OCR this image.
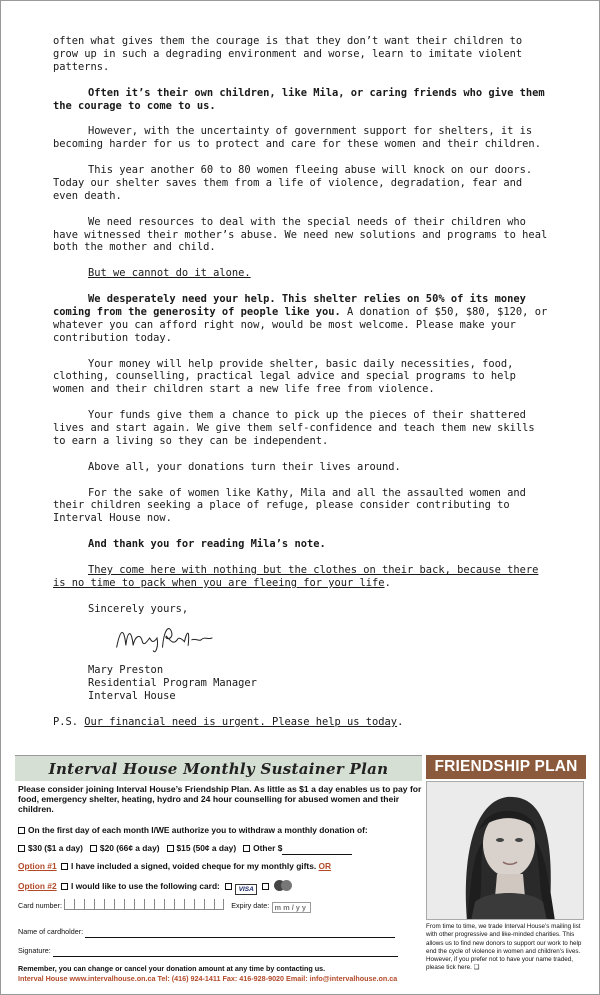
often what gives them the courage is that they don’t want their children to grow up in such a degrading environment and worse, learn to imitate violent patterns.

Often it’s their own children, like Mila, or caring friends who give them the courage to come to us.

However, with the uncertainty of government support for shelters, it is becoming harder for us to protect and care for these women and their children.

This year another 60 to 80 women fleeing abuse will knock on our doors. Today our shelter saves them from a life of violence, degradation, fear and even death.

We need resources to deal with the special needs of their children who have witnessed their mother’s abuse. We need new solutions and programs to heal both the mother and child.

But we cannot do it alone.

We desperately need your help. This shelter relies on 50% of its money coming from the generosity of people like you. A donation of $50, $80, $120, or whatever you can afford right now, would be most welcome. Please make your contribution today.

Your money will help provide shelter, basic daily necessities, food, clothing, counselling, practical legal advice and special programs to help women and their children start a new life free from violence.

Your funds give them a chance to pick up the pieces of their shattered lives and start again. We give them self-confidence and teach them new skills to earn a living so they can be independent.

Above all, your donations turn their lives around.

For the sake of women like Kathy, Mila and all the assaulted women and their children seeking a place of refuge, please consider contributing to Interval House now.

And thank you for reading Mila’s note.

They come here with nothing but the clothes on their back, because there is no time to pack when you are fleeing for your life.

Sincerely yours,
Mary Preston
Residential Program Manager
Interval House

P.S. Our financial need is urgent. Please help us today.

Interval House Monthly Sustainer Plan
Please consider joining Interval House’s Friendship Plan. As little as $1 a day enables us to pay for food, emergency shelter, heating, hydro and 24 hour counselling for abused women and their children.
On the first day of each month I/WE authorize you to withdraw a monthly donation of:
$30 ($1 a day) $20 (66¢ a day) $15 (50¢ a day) Other $
Option #1 I have included a signed, voided cheque for my monthly gifts. OR
Option #2 I would like to use the following card:	VISA
Card number:	Expiry date: mm/yy
Name of cardholder:
Signature:
Remember, you can change or cancel your donation amount at any time by contacting us.
Interval House www.intervalhouse.on.ca Tel: (416) 924-1411 Fax: 416-928-9020 Email: info@intervalhouse.on.ca
FRIENDSHIP PLAN
From time to time, we trade Interval House’s mailing list with other progressive and like-minded charities. This allows us to find new donors to support our work to help end the cycle of violence in women and children’s lives. However, if you prefer not to have your name traded, please tick here. ❑
